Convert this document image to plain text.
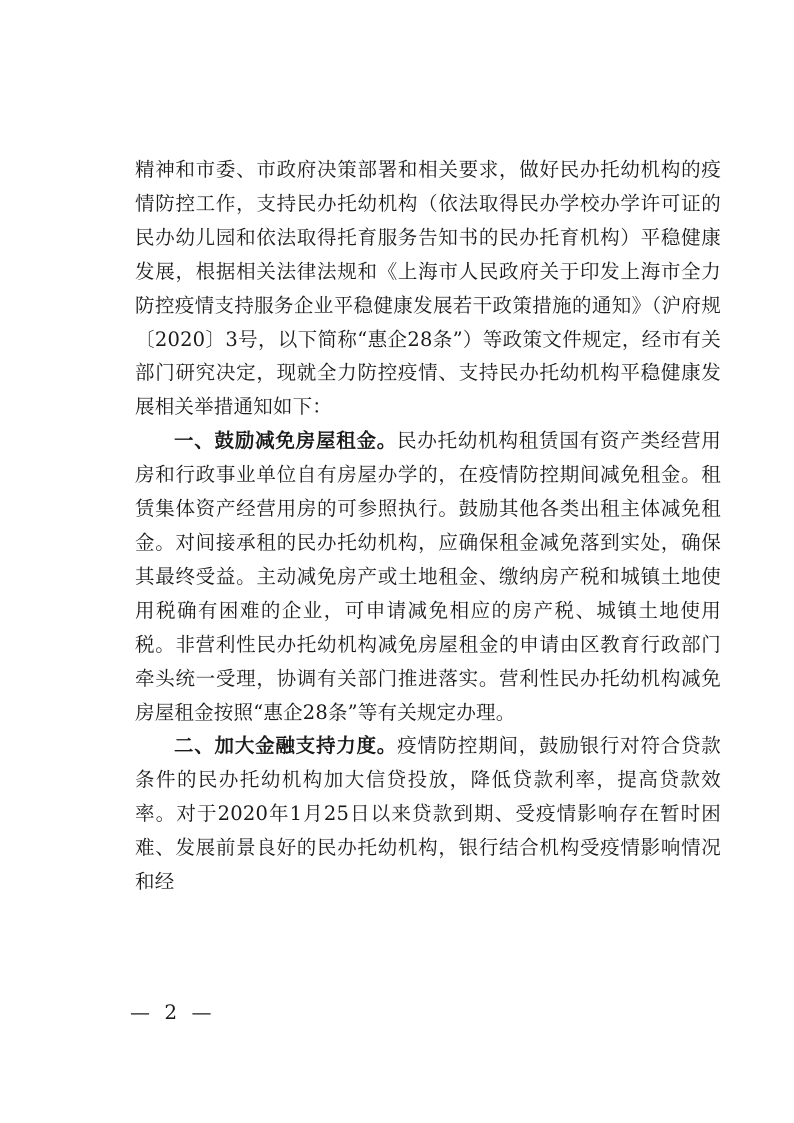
精神和市委、市政府决策部署和相关要求，做好民办托幼机构的疫情防控工作，支持民办托幼机构（依法取得民办学校办学许可证的民办幼儿园和依法取得托育服务告知书的民办托育机构）平稳健康发展，根据相关法律法规和《上海市人民政府关于印发上海市全力防控疫情支持服务企业平稳健康发展若干政策措施的通知》（沪府规〔2020〕3号，以下简称“惠企28条”）等政策文件规定，经市有关部门研究决定，现就全力防控疫情、支持民办托幼机构平稳健康发展相关举措通知如下：

一、鼓励减免房屋租金。民办托幼机构租赁国有资产类经营用房和行政事业单位自有房屋办学的，在疫情防控期间减免租金。租赁集体资产经营用房的可参照执行。鼓励其他各类出租主体减免租金。对间接承租的民办托幼机构，应确保租金减免落到实处，确保其最终受益。主动减免房产或土地租金、缴纳房产税和城镇土地使用税确有困难的企业，可申请减免相应的房产税、城镇土地使用税。非营利性民办托幼机构减免房屋租金的申请由区教育行政部门牵头统一受理，协调有关部门推进落实。营利性民办托幼机构减免房屋租金按照“惠企28条”等有关规定办理。

二、加大金融支持力度。疫情防控期间，鼓励银行对符合贷款条件的民办托幼机构加大信贷投放，降低贷款利率，提高贷款效率。对于2020年1月25日以来贷款到期、受疫情影响存在暂时困难、发展前景良好的民办托幼机构，银行结合机构受疫情影响情况和经

— 2 —
